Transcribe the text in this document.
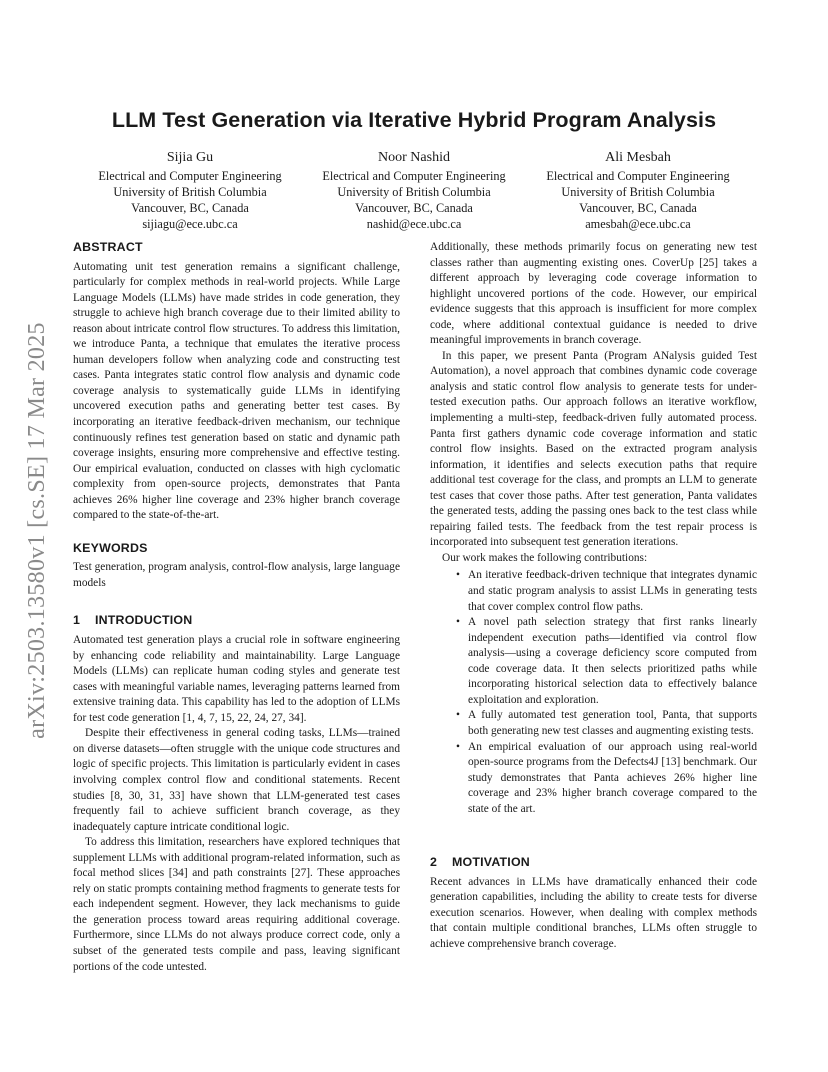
arXiv:2503.13580v1 [cs.SE] 17 Mar 2025
LLM Test Generation via Iterative Hybrid Program Analysis
Sijia Gu
Electrical and Computer Engineering
University of British Columbia
Vancouver, BC, Canada
sijiagu@ece.ubc.ca
Noor Nashid
Electrical and Computer Engineering
University of British Columbia
Vancouver, BC, Canada
nashid@ece.ubc.ca
Ali Mesbah
Electrical and Computer Engineering
University of British Columbia
Vancouver, BC, Canada
amesbah@ece.ubc.ca
ABSTRACT

Automating unit test generation remains a significant challenge, particularly for complex methods in real-world projects. While Large Language Models (LLMs) have made strides in code generation, they struggle to achieve high branch coverage due to their limited ability to reason about intricate control flow structures. To address this limitation, we introduce Panta, a technique that emulates the iterative process human developers follow when analyzing code and constructing test cases. Panta integrates static control flow analysis and dynamic code coverage analysis to systematically guide LLMs in identifying uncovered execution paths and generating better test cases. By incorporating an iterative feedback-driven mechanism, our technique continuously refines test generation based on static and dynamic path coverage insights, ensuring more comprehensive and effective testing. Our empirical evaluation, conducted on classes with high cyclomatic complexity from open-source projects, demonstrates that Panta achieves 26% higher line coverage and 23% higher branch coverage compared to the state-of-the-art.

KEYWORDS

Test generation, program analysis, control-flow analysis, large language models

1 INTRODUCTION

Automated test generation plays a crucial role in software engineering by enhancing code reliability and maintainability. Large Language Models (LLMs) can replicate human coding styles and generate test cases with meaningful variable names, leveraging patterns learned from extensive training data. This capability has led to the adoption of LLMs for test code generation [1, 4, 7, 15, 22, 24, 27, 34].

Despite their effectiveness in general coding tasks, LLMs—trained on diverse datasets—often struggle with the unique code structures and logic of specific projects. This limitation is particularly evident in cases involving complex control flow and conditional statements. Recent studies [8, 30, 31, 33] have shown that LLM-generated test cases frequently fail to achieve sufficient branch coverage, as they inadequately capture intricate conditional logic.

To address this limitation, researchers have explored techniques that supplement LLMs with additional program-related information, such as focal method slices [34] and path constraints [27]. These approaches rely on static prompts containing method fragments to generate tests for each independent segment. However, they lack mechanisms to guide the generation process toward areas requiring additional coverage. Furthermore, since LLMs do not always produce correct code, only a subset of the generated tests compile and pass, leaving significant portions of the code untested.

Additionally, these methods primarily focus on generating new test classes rather than augmenting existing ones. CoverUp [25] takes a different approach by leveraging code coverage information to highlight uncovered portions of the code. However, our empirical evidence suggests that this approach is insufficient for more complex code, where additional contextual guidance is needed to drive meaningful improvements in branch coverage.

In this paper, we present Panta (Program ANalysis guided Test Automation), a novel approach that combines dynamic code coverage analysis and static control flow analysis to generate tests for under-tested execution paths. Our approach follows an iterative workflow, implementing a multi-step, feedback-driven fully automated process. Panta first gathers dynamic code coverage information and static control flow insights. Based on the extracted program analysis information, it identifies and selects execution paths that require additional test coverage for the class, and prompts an LLM to generate test cases that cover those paths. After test generation, Panta validates the generated tests, adding the passing ones back to the test class while repairing failed tests. The feedback from the test repair process is incorporated into subsequent test generation iterations.

Our work makes the following contributions:

• An iterative feedback-driven technique that integrates dynamic and static program analysis to assist LLMs in generating tests that cover complex control flow paths.
• A novel path selection strategy that first ranks linearly independent execution paths—identified via control flow analysis—using a coverage deficiency score computed from code coverage data. It then selects prioritized paths while incorporating historical selection data to effectively balance exploitation and exploration.
• A fully automated test generation tool, Panta, that supports both generating new test classes and augmenting existing tests.
• An empirical evaluation of our approach using real-world open-source programs from the Defects4J [13] benchmark. Our study demonstrates that Panta achieves 26% higher line coverage and 23% higher branch coverage compared to the state of the art.
2 MOTIVATION

Recent advances in LLMs have dramatically enhanced their code generation capabilities, including the ability to create tests for diverse execution scenarios. However, when dealing with complex methods that contain multiple conditional branches, LLMs often struggle to achieve comprehensive branch coverage.
